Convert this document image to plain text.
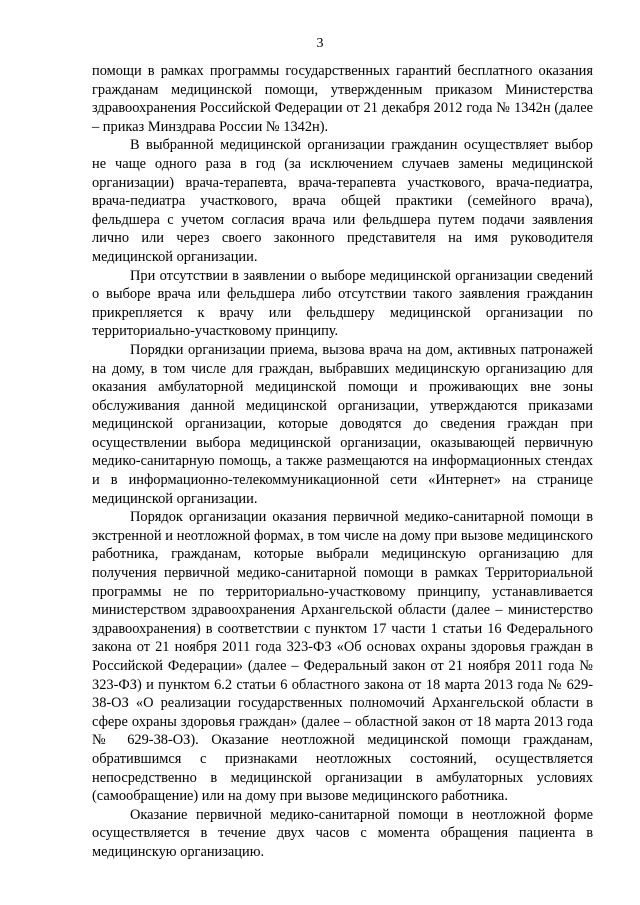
3

помощи в рамках программы государственных гарантий бесплатного оказания гражданам медицинской помощи, утвержденным приказом Министерства здравоохранения Российской Федерации от 21 декабря 2012 года № 1342н (далее – приказ Минздрава России № 1342н).

В выбранной медицинской организации гражданин осуществляет выбор не чаще одного раза в год (за исключением случаев замены медицинской организации) врача-терапевта, врача-терапевта участкового, врача-педиатра, врача-педиатра участкового, врача общей практики (семейного врача), фельдшера с учетом согласия врача или фельдшера путем подачи заявления лично или через своего законного представителя на имя руководителя медицинской организации.

При отсутствии в заявлении о выборе медицинской организации сведений о выборе врача или фельдшера либо отсутствии такого заявления гражданин прикрепляется к врачу или фельдшеру медицинской организации по территориально-участковому принципу.

Порядки организации приема, вызова врача на дом, активных патронажей на дому, в том числе для граждан, выбравших медицинскую организацию для оказания амбулаторной медицинской помощи и проживающих вне зоны обслуживания данной медицинской организации, утверждаются приказами медицинской организации, которые доводятся до сведения граждан при осуществлении выбора медицинской организации, оказывающей первичную медико-санитарную помощь, а также размещаются на информационных стендах и в информационно-телекоммуникационной сети «Интернет» на странице медицинской организации.

Порядок организации оказания первичной медико-санитарной помощи в экстренной и неотложной формах, в том числе на дому при вызове медицинского работника, гражданам, которые выбрали медицинскую организацию для получения первичной медико-санитарной помощи в рамках Территориальной программы не по территориально-участковому принципу, устанавливается министерством здравоохранения Архангельской области (далее – министерство здравоохранения) в соответствии с пунктом 17 части 1 статьи 16 Федерального закона от 21 ноября 2011 года 323-ФЗ «Об основах охраны здоровья граждан в Российской Федерации» (далее – Федеральный закон от 21 ноября 2011 года № 323-ФЗ) и пунктом 6.2 статьи 6 областного закона от 18 марта 2013 года № 629-38-ОЗ «О реализации государственных полномочий Архангельской области в сфере охраны здоровья граждан» (далее – областной закон от 18 марта 2013 года № 629-38-ОЗ). Оказание неотложной медицинской помощи гражданам, обратившимся с признаками неотложных состояний, осуществляется непосредственно в медицинской организации в амбулаторных условиях (самообращение) или на дому при вызове медицинского работника.

Оказание первичной медико-санитарной помощи в неотложной форме осуществляется в течение двух часов с момента обращения пациента в медицинскую организацию.
